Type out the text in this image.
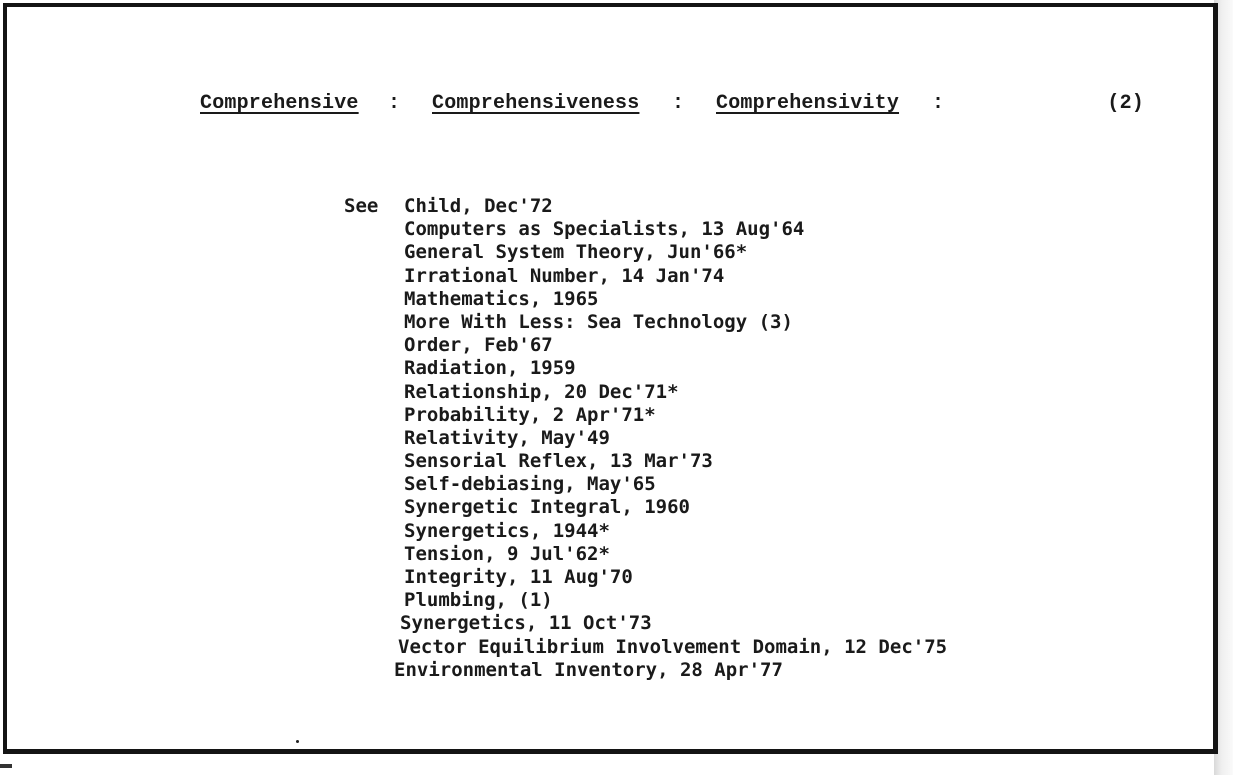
Comprehensive : Comprehensiveness : Comprehensivity :	(2)
See	Child, Dec'72
Computers as Specialists, 13 Aug'64
General System Theory, Jun'66*
Irrational Number, 14 Jan'74
Mathematics, 1965
More With Less: Sea Technology (3)
Order, Feb'67
Radiation, 1959
Relationship, 20 Dec'71*
Probability, 2 Apr'71*
Relativity, May'49
Sensorial Reflex, 13 Mar'73
Self-debiasing, May'65
Synergetic Integral, 1960
Synergetics, 1944*
Tension, 9 Jul'62*
Integrity, 11 Aug'70
Plumbing, (1)
Synergetics, 11 Oct'73
Vector Equilibrium Involvement Domain, 12 Dec'75
Environmental Inventory, 28 Apr'77
